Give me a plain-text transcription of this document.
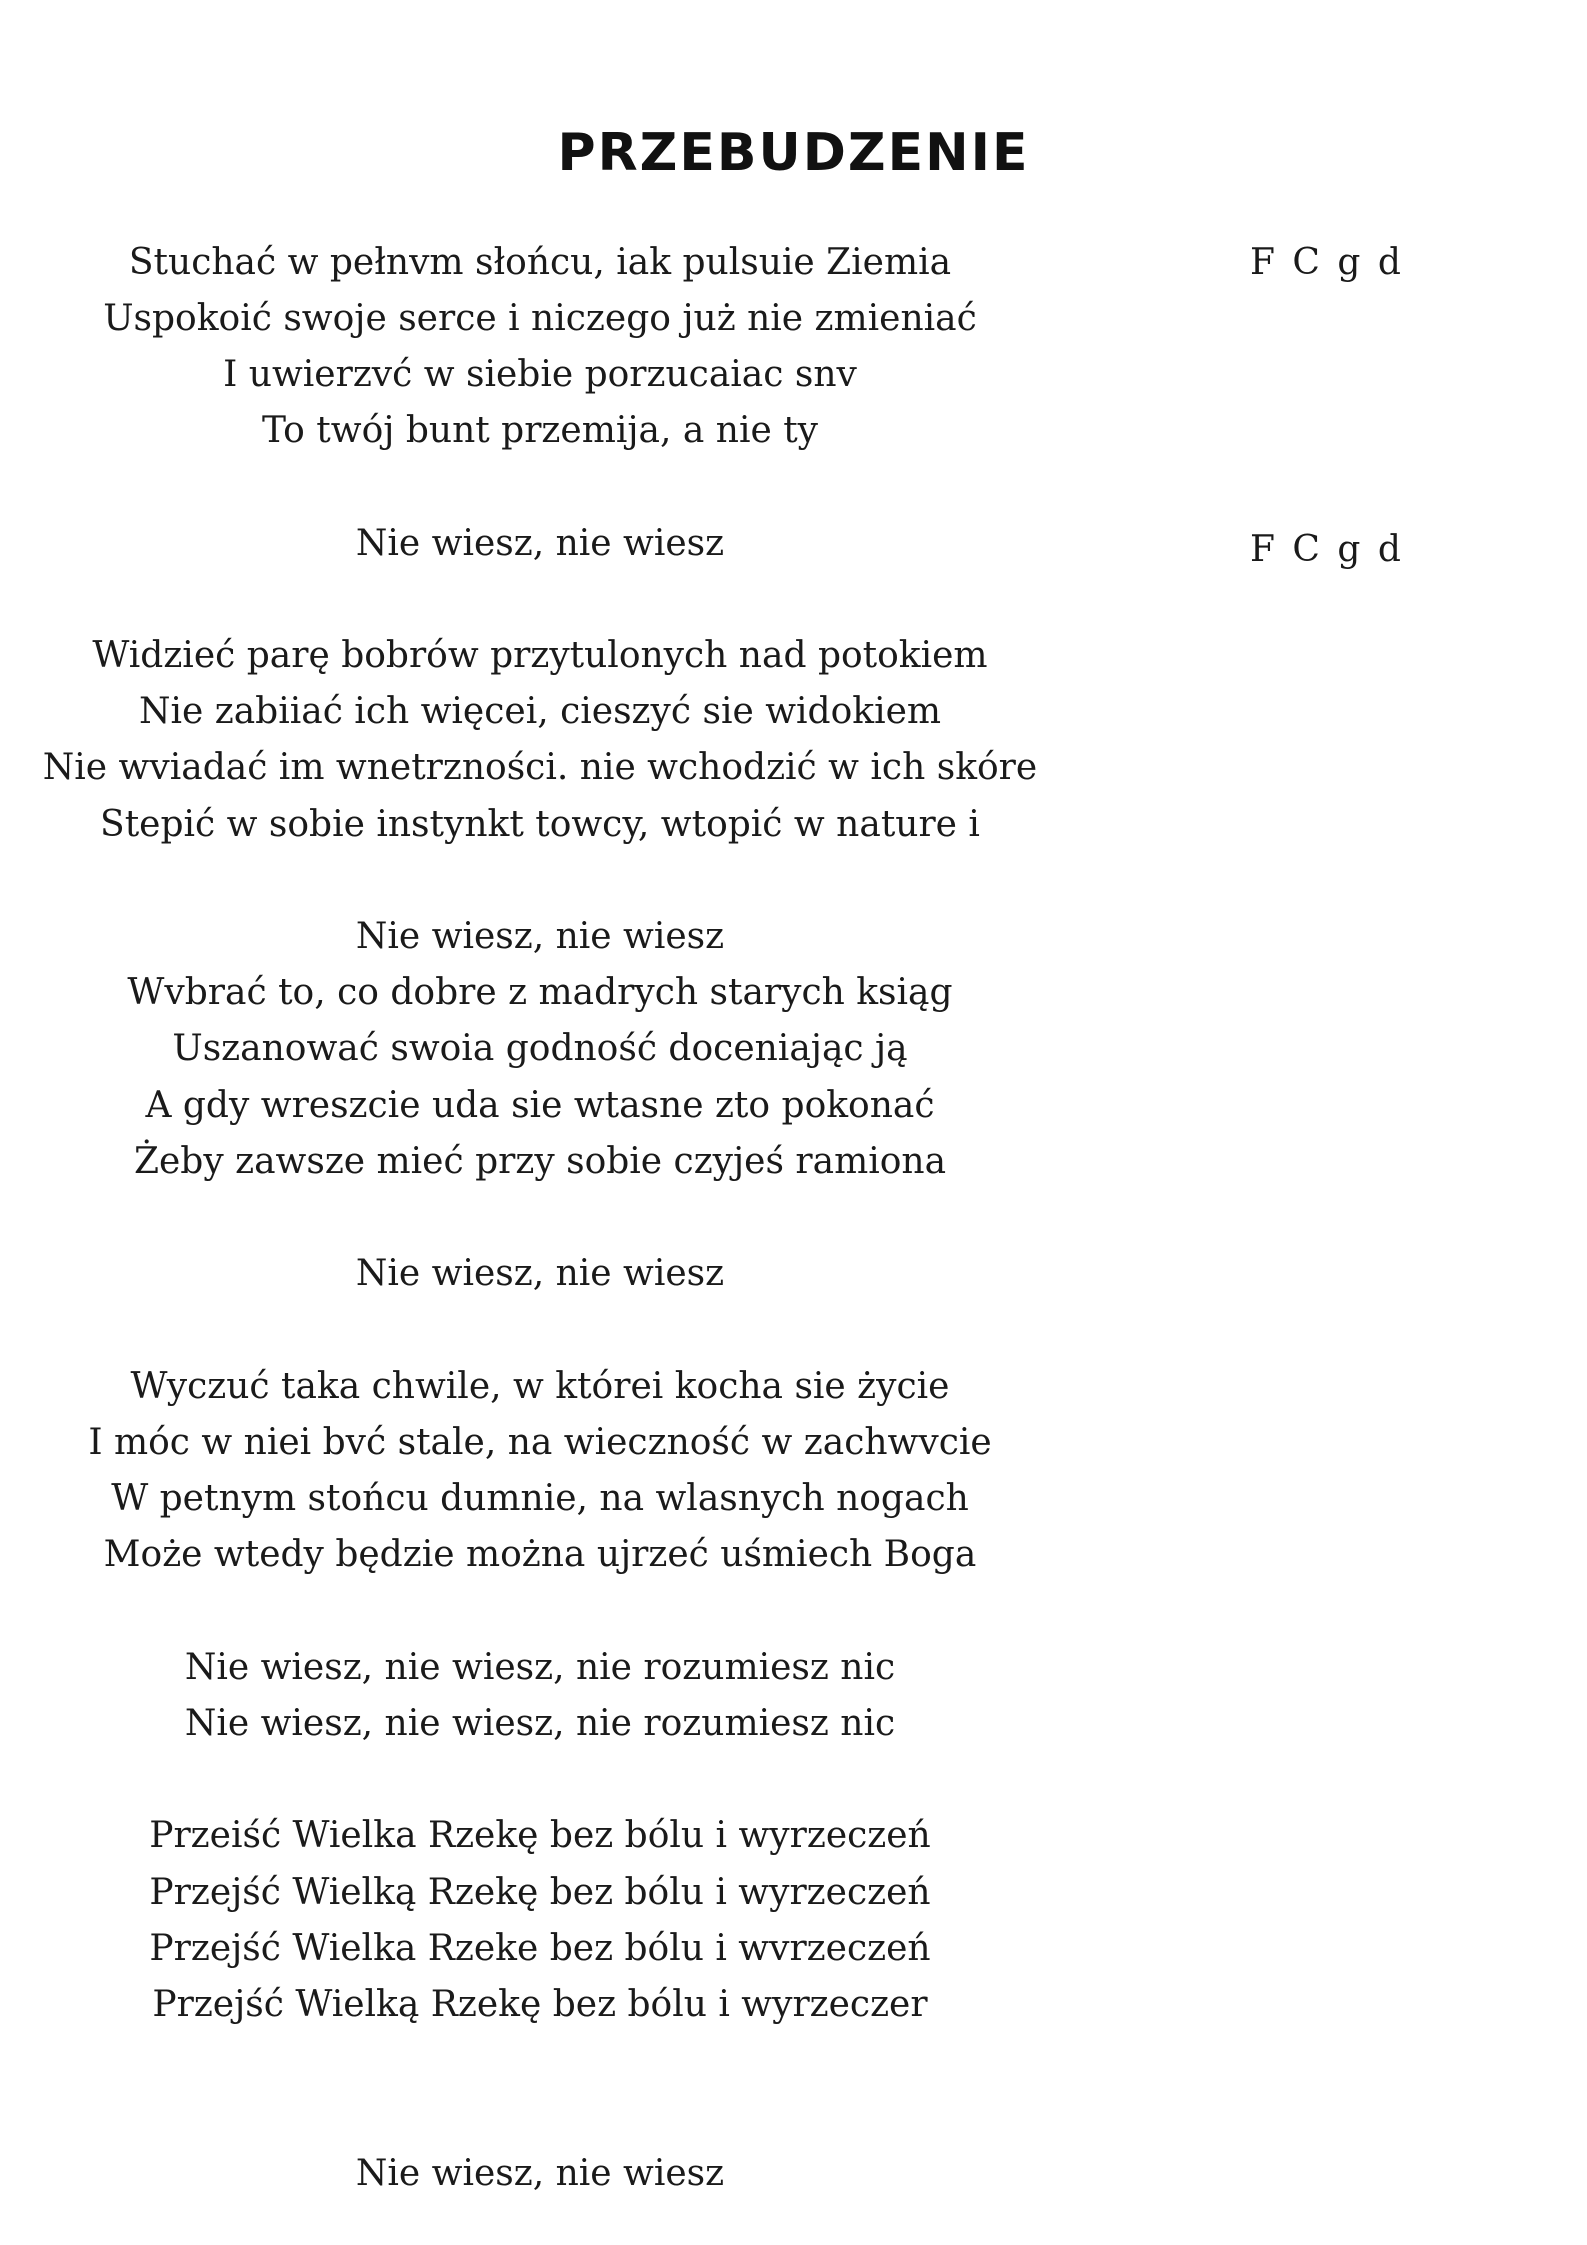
PRZEBUDZENIE
Stuchać w pełnvm słońcu, iak pulsuie Ziemia
Uspokoić swoje serce i niczego już nie zmieniać
I uwierzvć w siebie porzucaiac snv
To twój bunt przemija, a nie ty
Nie wiesz, nie wiesz
Widzieć parę bobrów przytulonych nad potokiem
Nie zabiiać ich więcei, cieszyć sie widokiem
Nie wviadać im wnetrzności. nie wchodzić w ich skóre
Stepić w sobie instynkt towcy, wtopić w nature i
Nie wiesz, nie wiesz
Wvbrać to, co dobre z madrych starych ksiąg
Uszanować swoia godność doceniając ją
A gdy wreszcie uda sie wtasne zto pokonać
Żeby zawsze mieć przy sobie czyjeś ramiona
Nie wiesz, nie wiesz
Wyczuć taka chwile, w którei kocha sie życie
I móc w niei bvć stale, na wieczność w zachwvcie
W petnym stońcu dumnie, na wlasnych nogach
Może wtedy będzie można ujrzeć uśmiech Boga
Nie wiesz, nie wiesz, nie rozumiesz nic
Nie wiesz, nie wiesz, nie rozumiesz nic
Przeiść Wielka Rzekę bez bólu i wyrzeczeń
Przejść Wielką Rzekę bez bólu i wyrzeczeń
Przejść Wielka Rzeke bez bólu i wvrzeczeń
Przejść Wielką Rzekę bez bólu i wyrzeczer
Nie wiesz, nie wiesz
F C g d
F C g d
